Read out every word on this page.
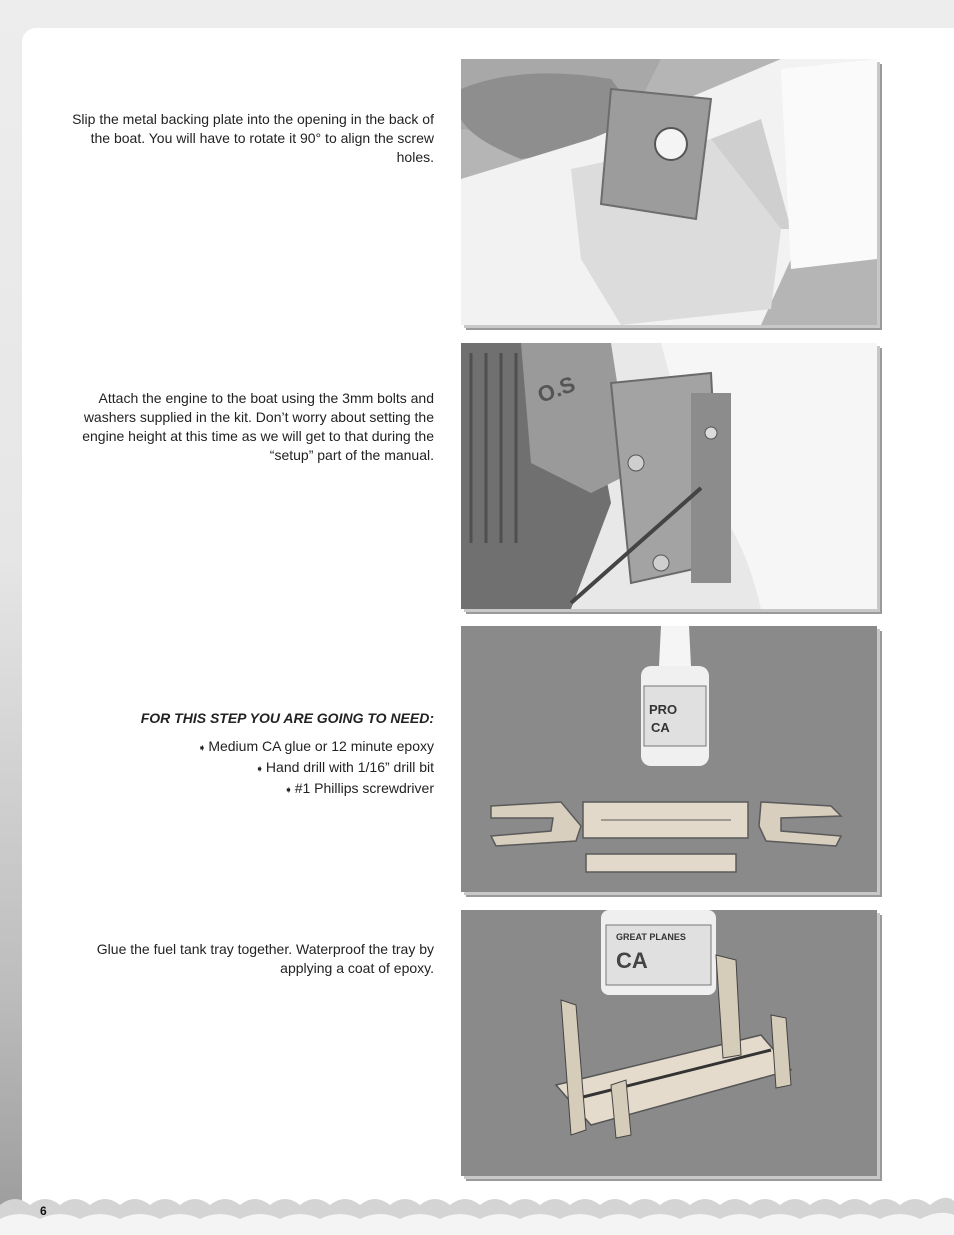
Slip the metal backing plate into the opening in the back of the boat. You will have to rotate it 90° to align the screw holes.

Attach the engine to the boat using the 3mm bolts and washers supplied in the kit. Don’t worry about setting the engine height at this time as we will get to that during the “setup” part of the manual.

O.S

FOR THIS STEP YOU ARE GOING TO NEED:

➧ Medium CA glue or 12 minute epoxy
➧ Hand drill with 1/16” drill bit
➧ #1 Phillips screwdriver
PRO
CA

Glue the fuel tank tray together. Waterproof the tray by applying a coat of epoxy.

GREAT PLANES
CA
6
